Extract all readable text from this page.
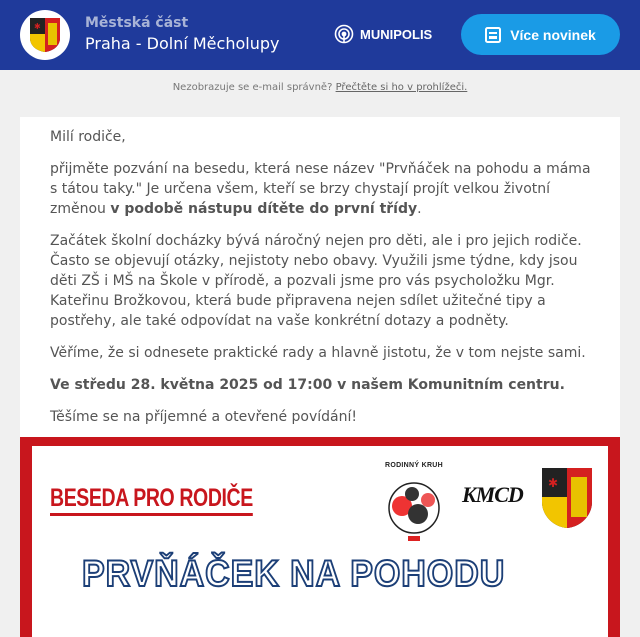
✱	Městská část
Praha - Dolní Měcholupy	MUNIPOLIS	Více novinek
Nezobrazuje se e-mail správně? Přečtěte si ho v prohlížeči.

Milí rodiče,

přijměte pozvání na besedu, která nese název "Prvňáček na pohodu a máma s tátou taky." Je určena všem, kteří se brzy chystají projít velkou životní změnou v podobě nástupu dítěte do první třídy.

Začátek školní docházky bývá náročný nejen pro děti, ale i pro jejich rodiče. Často se objevují otázky, nejistoty nebo obavy. Využili jsme týdne, kdy jsou děti ZŠ i MŠ na Škole v přírodě, a pozvali jsme pro vás psycholožku Mgr. Kateřinu Brožkovou, která bude připravena nejen sdílet užitečné tipy a postřehy, ale také odpovídat na vaše konkrétní dotazy a podněty.

Věříme, že si odnesete praktické rady a hlavně jistotu, že v tom nejste sami.

Ve středu 28. května 2025 od 17:00 v našem Komunitním centru.

Těšíme se na příjemné a otevřené povídání!

BESEDA PRO RODIČE
RODINNÝ KRUH
KMCD ✱
PRVŇÁČEK NA POHODU
